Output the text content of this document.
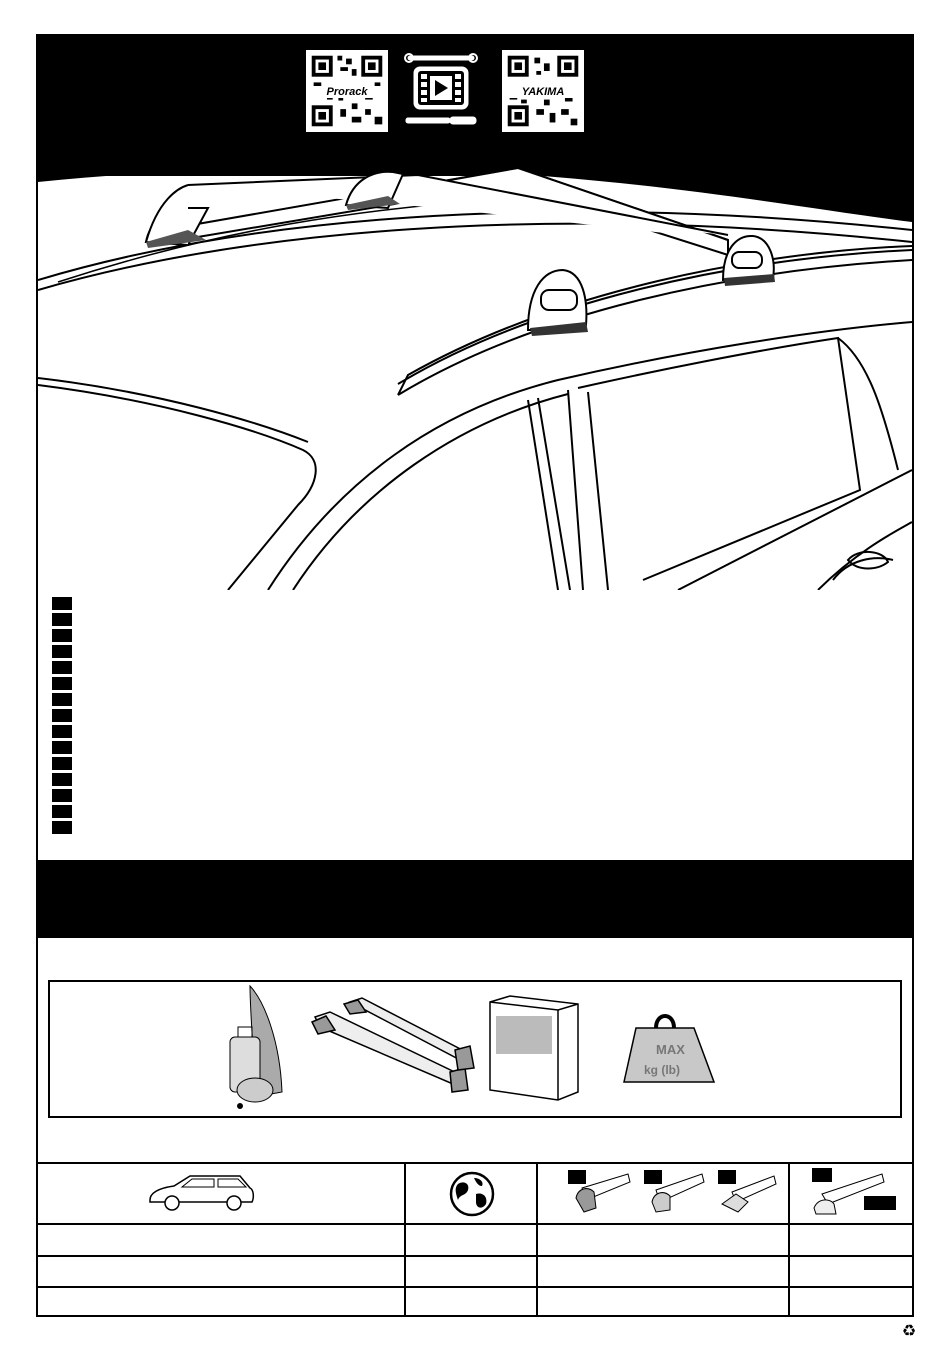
Prorack	YAKIMA
MAX
kg (lb)
♻
